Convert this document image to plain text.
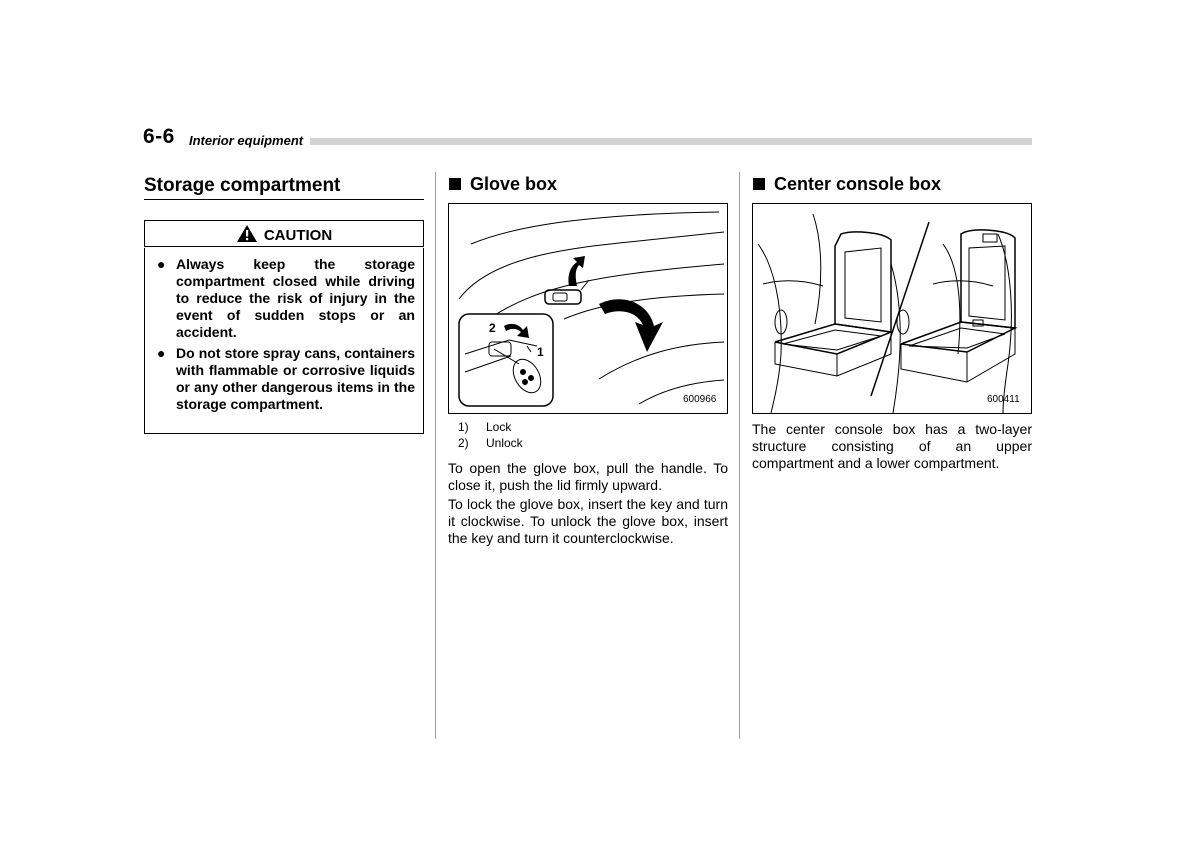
6-6 Interior equipment
Storage compartment
CAUTION
● Always keep the storage compartment closed while driving to reduce the risk of injury in the event of sudden stops or an accident.
● Do not store spray cans, containers with flammable or corrosive liquids or any other dangerous items in the storage compartment.
Glove box
2
1
600966
1) Lock
2) Unlock
To open the glove box, pull the handle. To close it, push the lid firmly upward.
To lock the glove box, insert the key and turn it clockwise. To unlock the glove box, insert the key and turn it counterclockwise.
Center console box
600411
The center console box has a two-layer structure consisting of an upper compartment and a lower compartment.
